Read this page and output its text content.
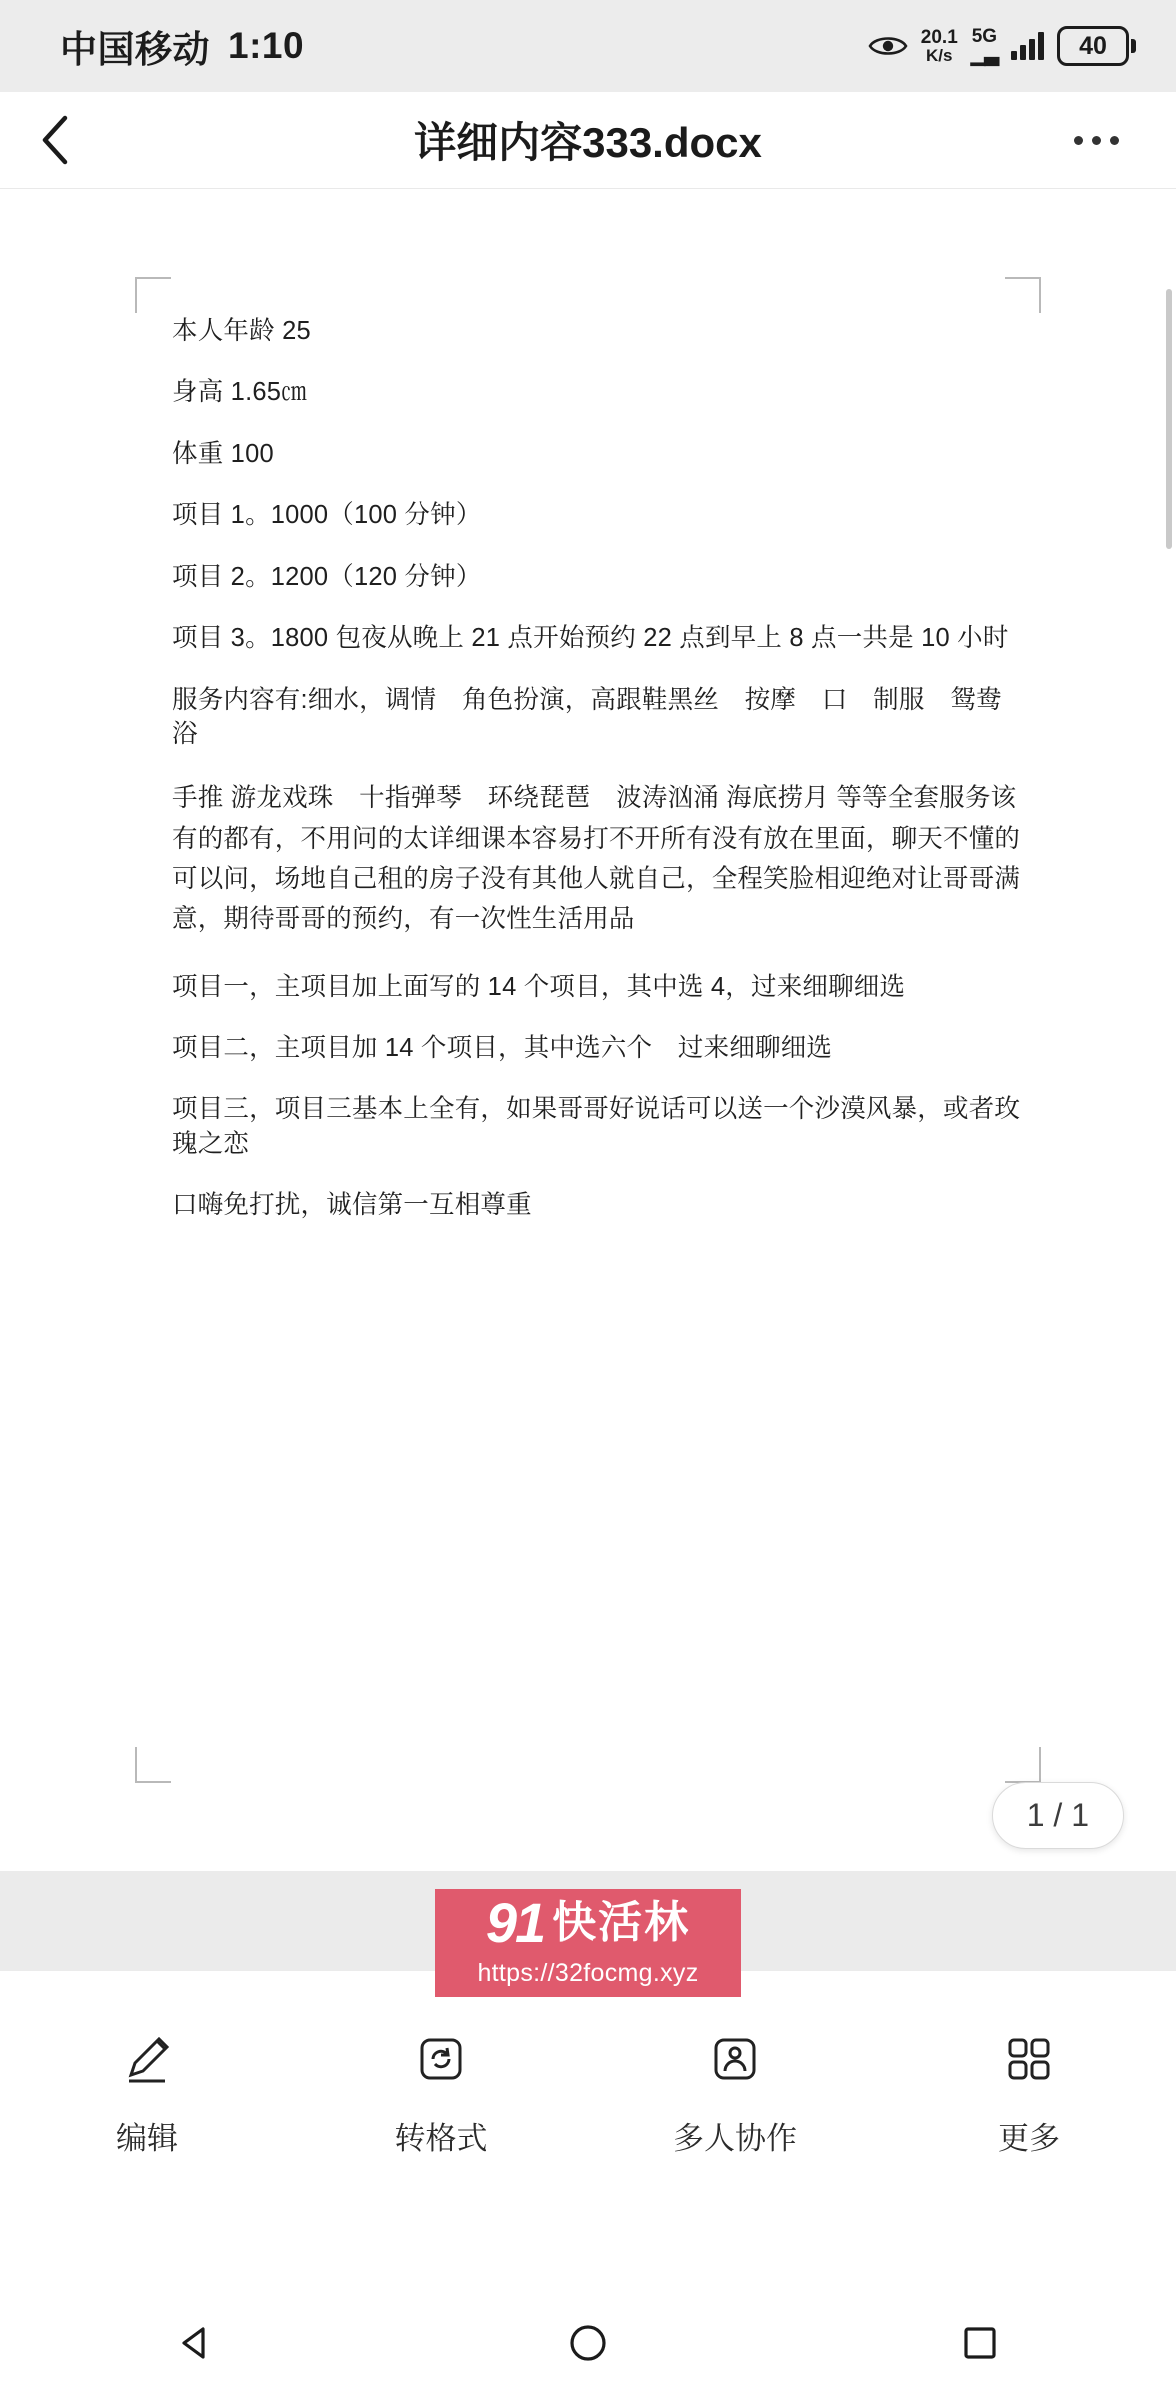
中国移动 1:10	20.1
K/s
5G
▁▃	40
详细内容333.docx

本人年龄 25

身高 1.65㎝

体重 100

项目 1。1000（100 分钟）

项目 2。1200（120 分钟）

项目 3。1800 包夜从晚上 21 点开始预约 22 点到早上 8 点一共是 10 小时

服务内容有:细水，调情　角色扮演，高跟鞋黑丝　按摩　口　制服　鸳鸯浴

手推 游龙戏珠　十指弹琴　环绕琵琶　波涛汹涌 海底捞月 等等全套服务该有的都有，不用问的太详细课本容易打不开所有没有放在里面，聊天不懂的可以问，场地自己租的房子没有其他人就自己，全程笑脸相迎绝对让哥哥满意，期待哥哥的预约，有一次性生活用品

项目一，主项目加上面写的 14 个项目，其中选 4，过来细聊细选

项目二，主项目加 14 个项目，其中选六个　过来细聊细选

项目三，项目三基本上全有，如果哥哥好说话可以送一个沙漠风暴，或者玫瑰之恋

口嗨免打扰，诚信第一互相尊重

1 / 1
91 快活林
https://32focmg.xyz
编辑	转格式	多人协作	更多
